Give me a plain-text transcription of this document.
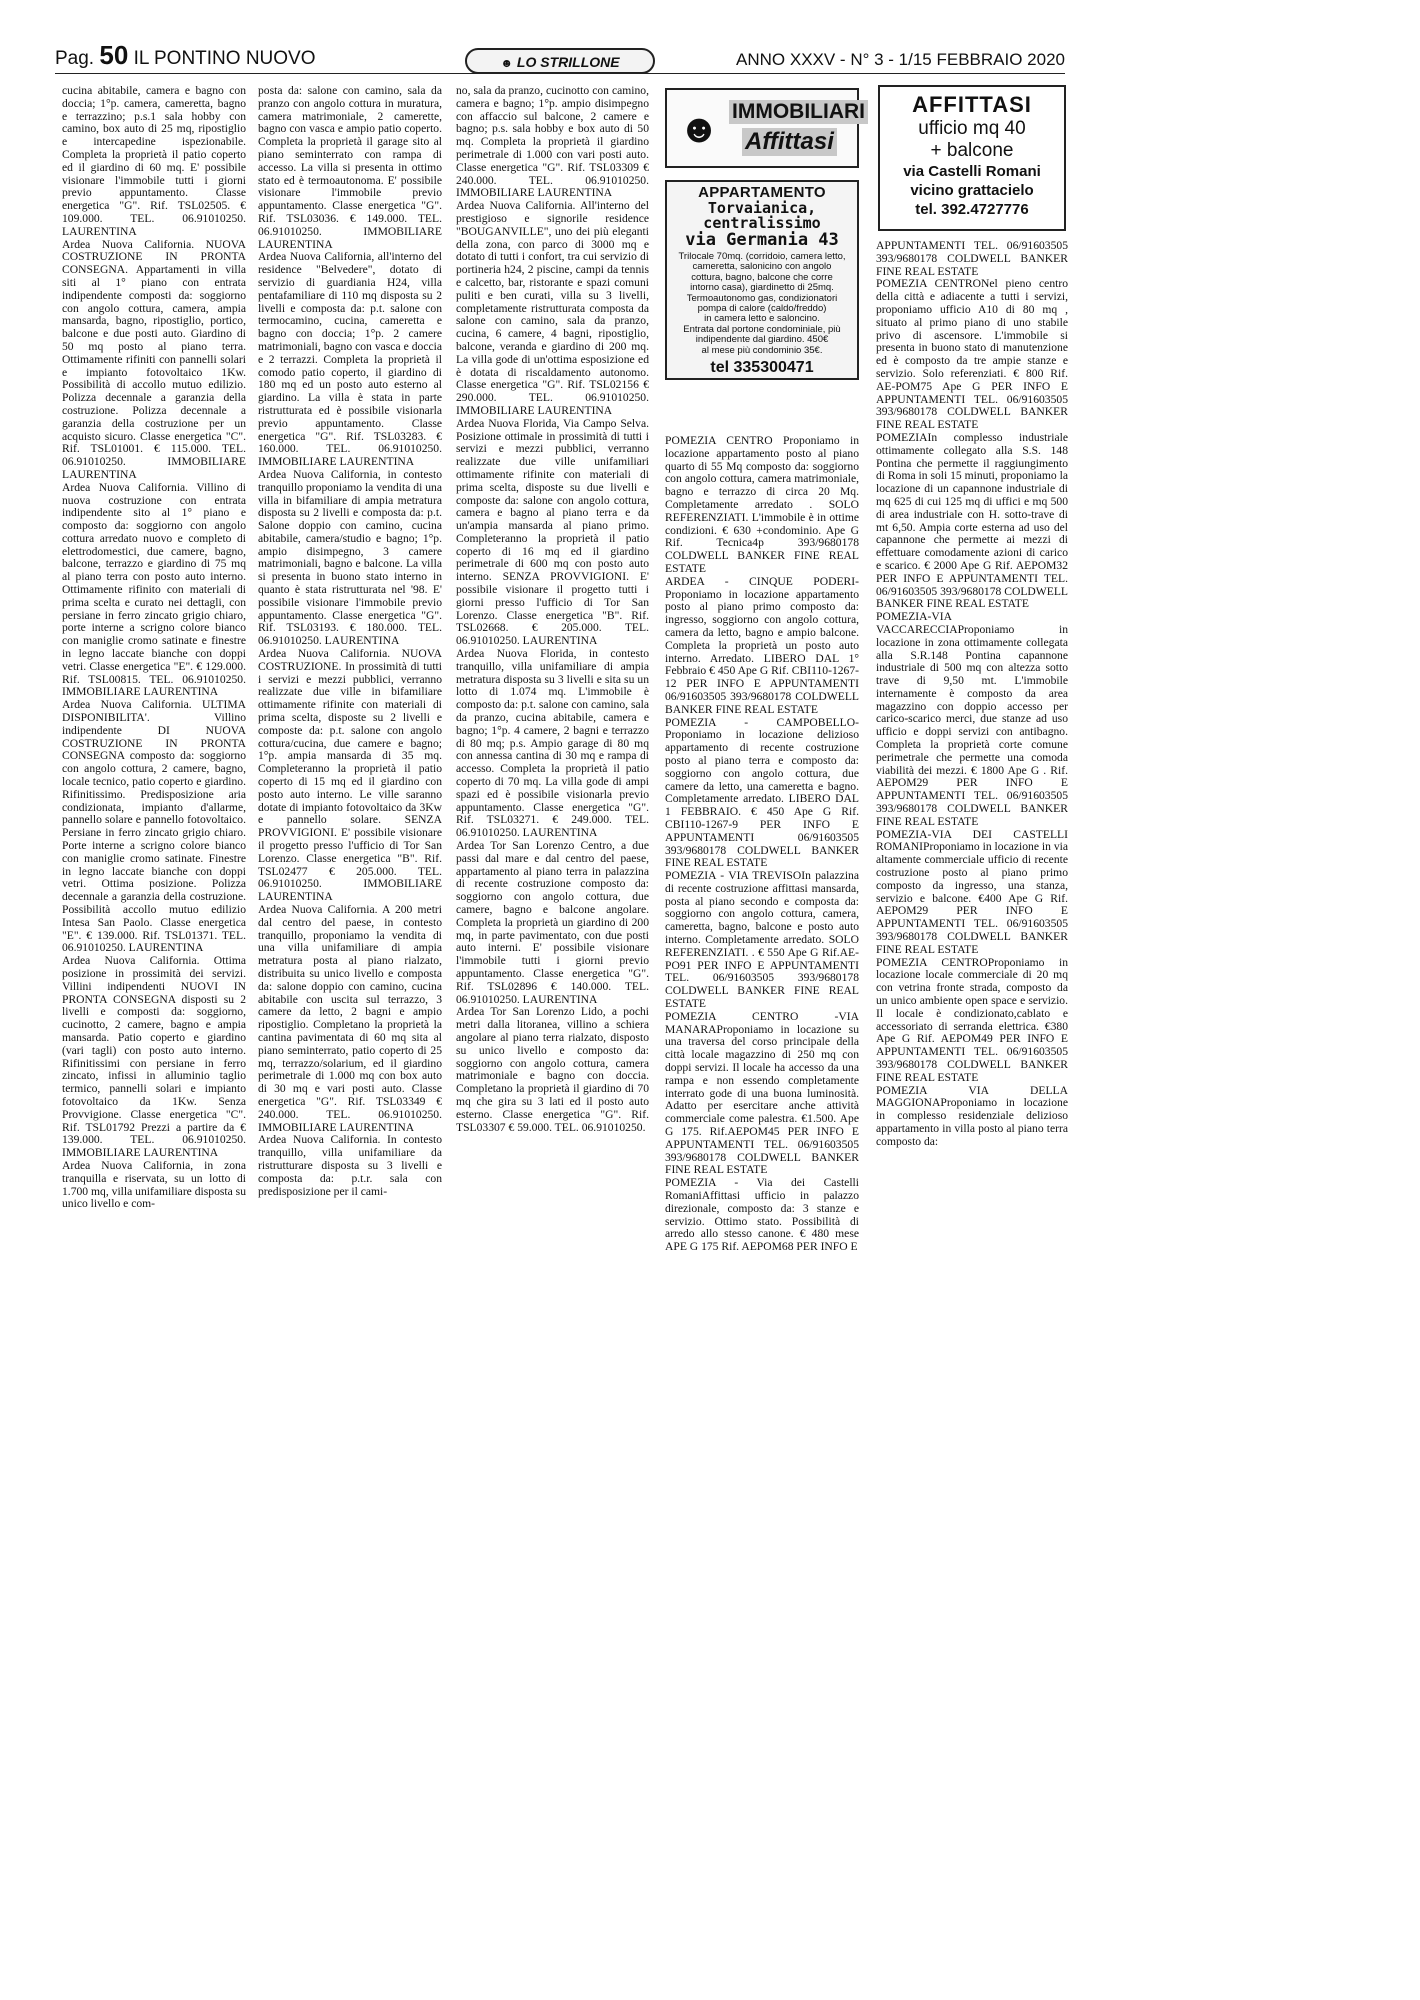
Pag. 50 IL PONTINO NUOVO	☻ LO STRILLONE	ANNO XXXV - N° 3 - 1/15 FEBBRAIO 2020
cucina abitabile, camera e bagno con doccia; 1°p. camera, cameretta, bagno e terrazzino; p.s.1 sala hobby con camino, box auto di 25 mq, ripostiglio e intercapedine ispezionabile. Completa la proprietà il patio coperto ed il giardino di 60 mq. E' possibile visionare l'immobile tutti i giorni previo appuntamento. Classe energetica "G". Rif. TSL02505. € 109.000. TEL. 06.91010250. LAURENTINA
Ardea Nuova California. NUOVA COSTRUZIONE IN PRONTA CONSEGNA. Appartamenti in villa siti al 1° piano con entrata indipendente composti da: soggiorno con angolo cottura, camera, ampia mansarda, bagno, ripostiglio, portico, balcone e due posti auto. Giardino di 50 mq posto al piano terra. Ottimamente rifiniti con pannelli solari e impianto fotovoltaico 1Kw. Possibilità di accollo mutuo edilizio. Polizza decennale a garanzia della costruzione. Polizza decennale a garanzia della costruzione per un acquisto sicuro. Classe energetica "C". Rif. TSL01001. € 115.000. TEL. 06.91010250. IMMOBILIARE LAURENTINA
Ardea Nuova California. Villino di nuova costruzione con entrata indipendente sito al 1° piano e composto da: soggiorno con angolo cottura arredato nuovo e completo di elettrodomestici, due camere, bagno, balcone, terrazzo e giardino di 75 mq al piano terra con posto auto interno. Ottimamente rifinito con materiali di prima scelta e curato nei dettagli, con persiane in ferro zincato grigio chiaro, porte interne a scrigno colore bianco con maniglie cromo satinate e finestre in legno laccate bianche con doppi vetri. Classe energetica "E". € 129.000. Rif. TSL00815. TEL. 06.91010250. IMMOBILIARE LAURENTINA
Ardea Nuova California. ULTIMA DISPONIBILITA'. Villino indipendente DI NUOVA COSTRUZIONE IN PRONTA CONSEGNA composto da: soggiorno con angolo cottura, 2 camere, bagno, locale tecnico, patio coperto e giardino. Rifinitissimo. Predisposizione aria condizionata, impianto d'allarme, pannello solare e pannello fotovoltaico. Persiane in ferro zincato grigio chiaro. Porte interne a scrigno colore bianco con maniglie cromo satinate. Finestre in legno laccate bianche con doppi vetri. Ottima posizione. Polizza decennale a garanzia della costruzione. Possibilità accollo mutuo edilizio Intesa San Paolo. Classe energetica "E". € 139.000. Rif. TSL01371. TEL. 06.91010250. LAURENTINA
Ardea Nuova California. Ottima posizione in prossimità dei servizi. Villini indipendenti NUOVI IN PRONTA CONSEGNA disposti su 2 livelli e composti da: soggiorno, cucinotto, 2 camere, bagno e ampia mansarda. Patio coperto e giardino (vari tagli) con posto auto interno. Rifinitissimi con persiane in ferro zincato, infissi in alluminio taglio termico, pannelli solari e impianto fotovoltaico da 1Kw. Senza Provvigione. Classe energetica "C". Rif. TSL01792 Prezzi a partire da € 139.000. TEL. 06.91010250. IMMOBILIARE LAURENTINA
Ardea Nuova California, in zona tranquilla e riservata, su un lotto di 1.700 mq, villa unifamiliare disposta su unico livello e com-
posta da: salone con camino, sala da pranzo con angolo cottura in muratura, camera matrimoniale, 2 camerette, bagno con vasca e ampio patio coperto. Completa la proprietà il garage sito al piano seminterrato con rampa di accesso. La villa si presenta in ottimo stato ed è termoautonoma. E' possibile visionare l'immobile previo appuntamento. Classe energetica "G". Rif. TSL03036. € 149.000. TEL. 06.91010250. IMMOBILIARE LAURENTINA
Ardea Nuova California, all'interno del residence "Belvedere", dotato di servizio di guardiania H24, villa pentafamiliare di 110 mq disposta su 2 livelli e composta da: p.t. salone con termocamino, cucina, cameretta e bagno con doccia; 1°p. 2 camere matrimoniali, bagno con vasca e doccia e 2 terrazzi. Completa la proprietà il comodo patio coperto, il giardino di 180 mq ed un posto auto esterno al giardino. La villa è stata in parte ristrutturata ed è possibile visionarla previo appuntamento. Classe energetica "G". Rif. TSL03283. € 160.000. TEL. 06.91010250. IMMOBILIARE LAURENTINA
Ardea Nuova California, in contesto tranquillo proponiamo la vendita di una villa in bifamiliare di ampia metratura disposta su 2 livelli e composta da: p.t. Salone doppio con camino, cucina abitabile, camera/studio e bagno; 1°p. ampio disimpegno, 3 camere matrimoniali, bagno e balcone. La villa si presenta in buono stato interno in quanto è stata ristrutturata nel '98. E' possibile visionare l'immobile previo appuntamento. Classe energetica "G". Rif. TSL03193. € 180.000. TEL. 06.91010250. LAURENTINA
Ardea Nuova California. NUOVA COSTRUZIONE. In prossimità di tutti i servizi e mezzi pubblici, verranno realizzate due ville in bifamiliare ottimamente rifinite con materiali di prima scelta, disposte su 2 livelli e composte da: p.t. salone con angolo cottura/cucina, due camere e bagno; 1°p. ampia mansarda di 35 mq. Completeranno la proprietà il patio coperto di 15 mq ed il giardino con posto auto interno. Le ville saranno dotate di impianto fotovoltaico da 3Kw e pannello solare. SENZA PROVVIGIONI. E' possibile visionare il progetto presso l'ufficio di Tor San Lorenzo. Classe energetica "B". Rif. TSL02477 € 205.000. TEL. 06.91010250. IMMOBILIARE LAURENTINA
Ardea Nuova California. A 200 metri dal centro del paese, in contesto tranquillo, proponiamo la vendita di una villa unifamiliare di ampia metratura posta al piano rialzato, distribuita su unico livello e composta da: salone doppio con camino, cucina abitabile con uscita sul terrazzo, 3 camere da letto, 2 bagni e ampio ripostiglio. Completano la proprietà la cantina pavimentata di 60 mq sita al piano seminterrato, patio coperto di 25 mq, terrazzo/solarium, ed il giardino perimetrale di 1.000 mq con box auto di 30 mq e vari posti auto. Classe energetica "G". Rif. TSL03349 € 240.000. TEL. 06.91010250. IMMOBILIARE LAURENTINA
Ardea Nuova California. In contesto tranquillo, villa unifamiliare da ristrutturare disposta su 3 livelli e composta da: p.t.r. sala con predisposizione per il cami-
no, sala da pranzo, cucinotto con camino, camera e bagno; 1°p. ampio disimpegno con affaccio sul balcone, 2 camere e bagno; p.s. sala hobby e box auto di 50 mq. Completa la proprietà il giardino perimetrale di 1.000 con vari posti auto. Classe energetica "G". Rif. TSL03309 € 240.000. TEL. 06.91010250. IMMOBILIARE LAURENTINA
Ardea Nuova California. All'interno del prestigioso e signorile residence "BOUGANVILLE", uno dei più eleganti della zona, con parco di 3000 mq e dotato di tutti i confort, tra cui servizio di portineria h24, 2 piscine, campi da tennis e calcetto, bar, ristorante e spazi comuni puliti e ben curati, villa su 3 livelli, completamente ristrutturata composta da salone con camino, sala da pranzo, cucina, 6 camere, 4 bagni, ripostiglio, balcone, veranda e giardino di 200 mq. La villa gode di un'ottima esposizione ed è dotata di riscaldamento autonomo. Classe energetica "G". Rif. TSL02156 € 290.000. TEL. 06.91010250. IMMOBILIARE LAURENTINA
Ardea Nuova Florida, Via Campo Selva. Posizione ottimale in prossimità di tutti i servizi e mezzi pubblici, verranno realizzate due ville unifamiliari ottimamente rifinite con materiali di prima scelta, disposte su due livelli e composte da: salone con angolo cottura, camera e bagno al piano terra e da un'ampia mansarda al piano primo. Completeranno la proprietà il patio coperto di 16 mq ed il giardino perimetrale di 600 mq con posto auto interno. SENZA PROVVIGIONI. E' possibile visionare il progetto tutti i giorni presso l'ufficio di Tor San Lorenzo. Classe energetica "B". Rif. TSL02668. € 205.000. TEL. 06.91010250. LAURENTINA
Ardea Nuova Florida, in contesto tranquillo, villa unifamiliare di ampia metratura disposta su 3 livelli e sita su un lotto di 1.074 mq. L'immobile è composto da: p.t. salone con camino, sala da pranzo, cucina abitabile, camera e bagno; 1°p. 4 camere, 2 bagni e terrazzo di 80 mq; p.s. Ampio garage di 80 mq con annessa cantina di 30 mq e rampa di accesso. Completa la proprietà il patio coperto di 70 mq. La villa gode di ampi spazi ed è possibile visionarla previo appuntamento. Classe energetica "G". Rif. TSL03271. € 249.000. TEL. 06.91010250. LAURENTINA
Ardea Tor San Lorenzo Centro, a due passi dal mare e dal centro del paese, appartamento al piano terra in palazzina di recente costruzione composto da: soggiorno con angolo cottura, due camere, bagno e balcone angolare. Completa la proprietà un giardino di 200 mq, in parte pavimentato, con due posti auto interni. E' possibile visionare l'immobile tutti i giorni previo appuntamento. Classe energetica "G". Rif. TSL02896 € 140.000. TEL. 06.91010250. LAURENTINA
Ardea Tor San Lorenzo Lido, a pochi metri dalla litoranea, villino a schiera angolare al piano terra rialzato, disposto su unico livello e composto da: soggiorno con angolo cottura, camera matrimoniale e bagno con doccia. Completano la proprietà il giardino di 70 mq che gira su 3 lati ed il posto auto esterno. Classe energetica "G". Rif. TSL03307 € 59.000. TEL. 06.91010250.
☻ IMMOBILIARI
Affittasi
APPARTAMENTO
Torvaianica,
centralissimo
via Germania 43
Trilocale 70mq. (corridoio, camera letto,
cameretta, salonicino con angolo
cottura, bagno, balcone che corre
intorno casa), giardinetto di 25mq.
Termoautonomo gas, condizionatori
pompa di calore (caldo/freddo)
in camera letto e saloncino.
Entrata dal portone condominiale, più
indipendente dal giardino. 450€
al mese più condominio 35€.
tel 335300471
POMEZIA CENTRO Proponiamo in locazione appartamento posto al piano quarto di 55 Mq composto da: soggiorno con angolo cottura, camera matrimoniale, bagno e terrazzo di circa 20 Mq. Completamente arredato . SOLO REFERENZIATI. L'immobile è in ottime condizioni. € 630 +condominio. Ape G Rif. Tecnica4p 393/9680178 COLDWELL BANKER FINE REAL ESTATE
ARDEA - CINQUE PODERI- Proponiamo in locazione appartamento posto al piano primo composto da: ingresso, soggiorno con angolo cottura, camera da letto, bagno e ampio balcone. Completa la proprietà un posto auto interno. Arredato. LIBERO DAL 1° Febbraio € 450 Ape G Rif. CBI110-1267-12 PER INFO E APPUNTAMENTI 06/91603505 393/9680178 COLDWELL BANKER FINE REAL ESTATE
POMEZIA - CAMPOBELLO- Proponiamo in locazione delizioso appartamento di recente costruzione posto al piano terra e composto da: soggiorno con angolo cottura, due camere da letto, una cameretta e bagno. Completamente arredato. LIBERO DAL 1 FEBBRAIO. € 450 Ape G Rif. CBI110-1267-9 PER INFO E APPUNTAMENTI 06/91603505 393/9680178 COLDWELL BANKER FINE REAL ESTATE
POMEZIA - VIA TREVISOIn palazzina di recente costruzione affittasi mansarda, posta al piano secondo e composta da: soggiorno con angolo cottura, camera, cameretta, bagno, balcone e posto auto interno. Completamente arredato. SOLO REFERENZIATI. . € 550 Ape G Rif.AE-PO91 PER INFO E APPUNTAMENTI TEL. 06/91603505 393/9680178 COLDWELL BANKER FINE REAL ESTATE
POMEZIA CENTRO -VIA MANARAProponiamo in locazione su una traversa del corso principale della città locale magazzino di 250 mq con doppi servizi. Il locale ha accesso da una rampa e non essendo completamente interrato gode di una buona luminosità. Adatto per esercitare anche attività commerciale come palestra. €1.500. Ape G 175. Rif.AEPOM45 PER INFO E APPUNTAMENTI TEL. 06/91603505 393/9680178 COLDWELL BANKER FINE REAL ESTATE
POMEZIA - Via dei Castelli RomaniAffittasi ufficio in palazzo direzionale, composto da: 3 stanze e servizio. Ottimo stato. Possibilità di arredo allo stesso canone. € 480 mese APE G 175 Rif. AEPOM68 PER INFO E
AFFITTASI
ufficio mq 40
+ balcone
via Castelli Romani
vicino grattacielo
tel. 392.4727776
APPUNTAMENTI TEL. 06/91603505 393/9680178 COLDWELL BANKER FINE REAL ESTATE
POMEZIA CENTRONel pieno centro della città e adiacente a tutti i servizi, proponiamo ufficio A10 di 80 mq , situato al primo piano di uno stabile privo di ascensore. L'immobile si presenta in buono stato di manutenzione ed è composto da tre ampie stanze e servizio. Solo referenziati. € 800 Rif. AE-POM75 Ape G PER INFO E APPUNTAMENTI TEL. 06/91603505 393/9680178 COLDWELL BANKER FINE REAL ESTATE
POMEZIAIn complesso industriale ottimamente collegato alla S.S. 148 Pontina che permette il raggiungimento di Roma in soli 15 minuti, proponiamo la locazione di un capannone industriale di mq 625 di cui 125 mq di uffici e mq 500 di area industriale con H. sotto-trave di mt 6,50. Ampia corte esterna ad uso del capannone che permette ai mezzi di effettuare comodamente azioni di carico e scarico. € 2000 Ape G Rif. AEPOM32 PER INFO E APPUNTAMENTI TEL. 06/91603505 393/9680178 COLDWELL BANKER FINE REAL ESTATE
POMEZIA-VIA VACCARECCIAProponiamo in locazione in zona ottimamente collegata alla S.R.148 Pontina capannone industriale di 500 mq con altezza sotto trave di 9,50 mt. L'immobile internamente è composto da area magazzino con doppio accesso per carico-scarico merci, due stanze ad uso ufficio e doppi servizi con antibagno. Completa la proprietà corte comune perimetrale che permette una comoda viabilità dei mezzi. € 1800 Ape G . Rif. AEPOM29 PER INFO E APPUNTAMENTI TEL. 06/91603505 393/9680178 COLDWELL BANKER FINE REAL ESTATE
POMEZIA-VIA DEI CASTELLI ROMANIProponiamo in locazione in via altamente commerciale ufficio di recente costruzione posto al piano primo composto da ingresso, una stanza, servizio e balcone. €400 Ape G Rif. AEPOM29 PER INFO E APPUNTAMENTI TEL. 06/91603505 393/9680178 COLDWELL BANKER FINE REAL ESTATE
POMEZIA CENTROProponiamo in locazione locale commerciale di 20 mq con vetrina fronte strada, composto da un unico ambiente open space e servizio. Il locale è condizionato,cablato e accessoriato di serranda elettrica. €380 Ape G Rif. AEPOM49 PER INFO E APPUNTAMENTI TEL. 06/91603505 393/9680178 COLDWELL BANKER FINE REAL ESTATE
POMEZIA VIA DELLA MAGGIONAProponiamo in locazione in complesso residenziale delizioso appartamento in villa posto al piano terra composto da:
